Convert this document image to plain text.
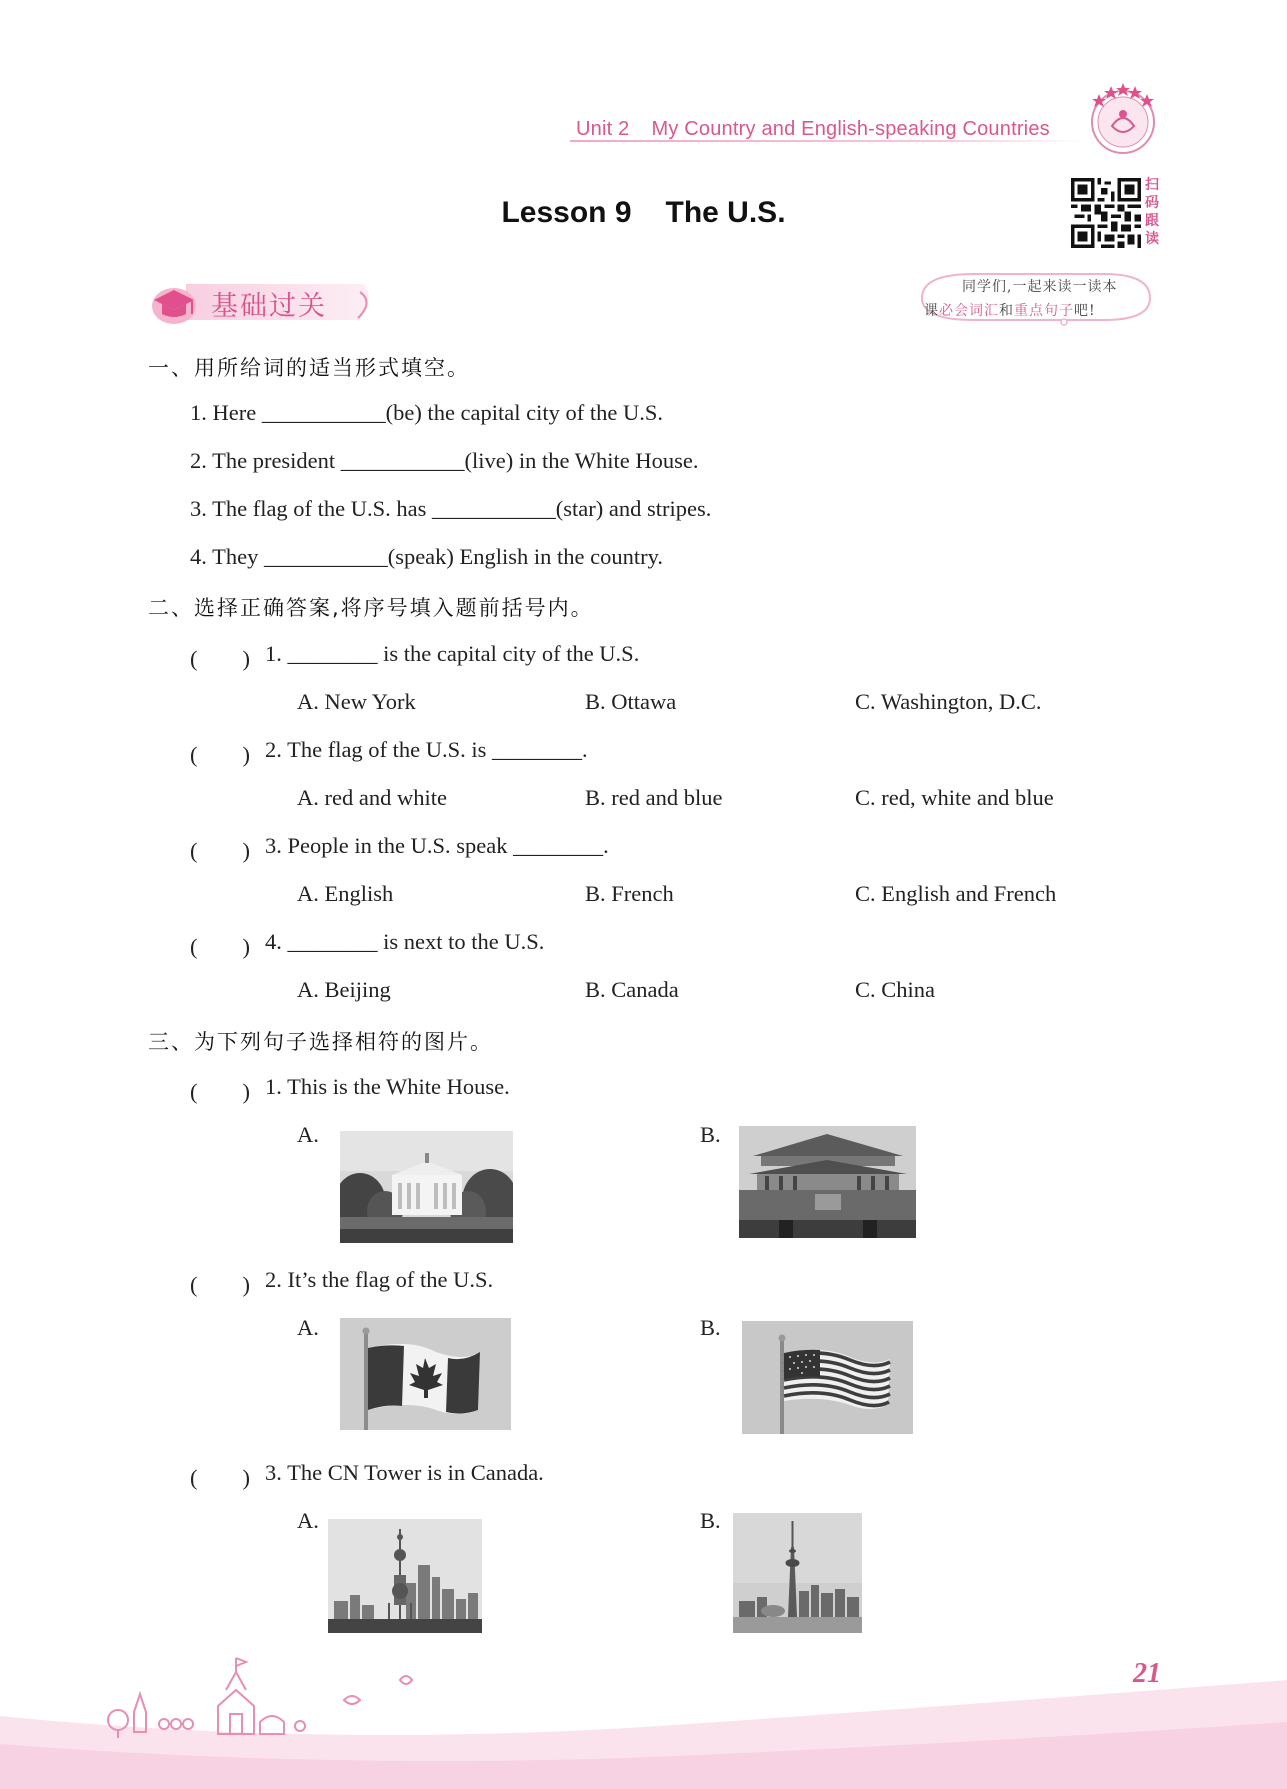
Unit 2 My Country and English-speaking Countries
Lesson 9 The U.S.
扫码跟读
同学们,一起来读一读本
课必会词汇和重点句子吧!
基础过关
一、用所给词的适当形式填空。
1. Here ___________(be) the capital city of the U.S.
2. The president ___________(live) in the White House.
3. The flag of the U.S. has ___________(star) and stripes.
4. They ___________(speak) English in the country.
二、选择正确答案,将序号填入题前括号内。
(　　) 1. ________ is the capital city of the U.S.
A. New York	B. Ottawa	C. Washington, D.C.
(　　) 2. The flag of the U.S. is ________.
A. red and white	B. red and blue	C. red, white and blue
(　　) 3. People in the U.S. speak ________.
A. English	B. French	C. English and French
(　　) 4. ________ is next to the U.S.
A. Beijing	B. Canada	C. China
三、为下列句子选择相符的图片。
(　　) 1. This is the White House.
A.	B.
(　　) 2. It’s the flag of the U.S.
A.	B.
(　　) 3. The CN Tower is in Canada.
A.	B.
21
